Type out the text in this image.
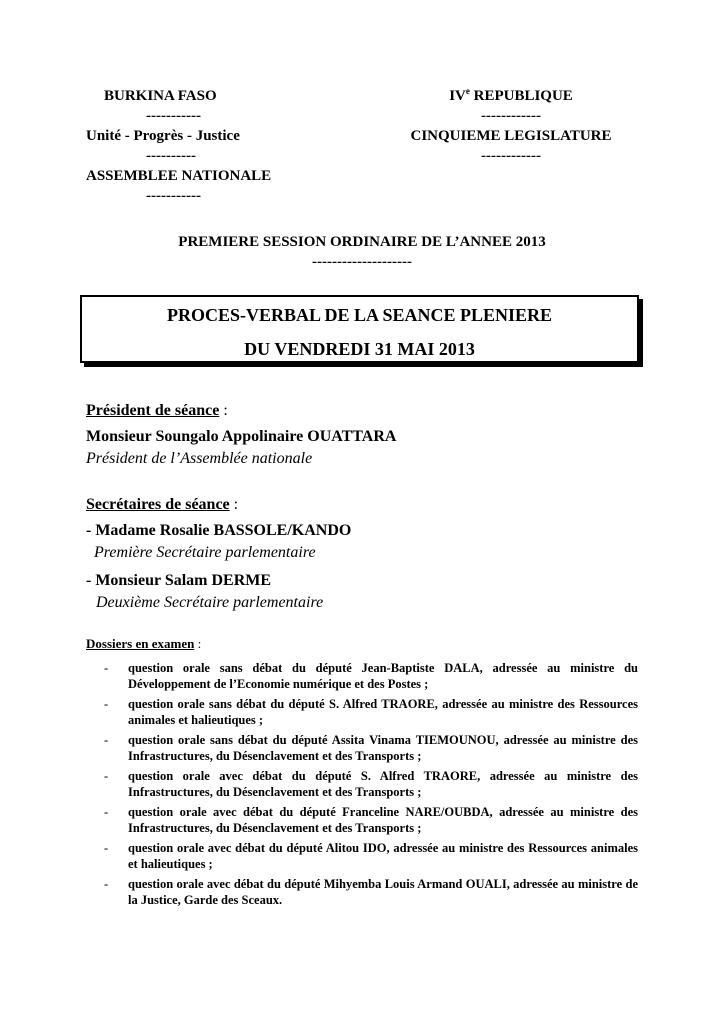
BURKINA FASO
-----------
Unité - Progrès - Justice
----------
ASSEMBLEE NATIONALE
-----------
IVe REPUBLIQUE
------------
CINQUIEME LEGISLATURE
------------
PREMIERE SESSION ORDINAIRE DE L’ANNEE 2013
--------------------
PROCES-VERBAL DE LA SEANCE PLENIERE
DU VENDREDI 31 MAI 2013
Président de séance :
Monsieur Soungalo Appolinaire OUATTARA
Président de l’Assemblée nationale
Secrétaires de séance :
- Madame Rosalie BASSOLE/KANDO
Première Secrétaire parlementaire
- Monsieur Salam DERME
Deuxième Secrétaire parlementaire
Dossiers en examen :
- question orale sans débat du député Jean-Baptiste DALA, adressée au ministre du Développement de l’Economie numérique et des Postes ;
- question orale sans débat du député S. Alfred TRAORE, adressée au ministre des Ressources animales et halieutiques ;
- question orale sans débat du député Assita Vinama TIEMOUNOU, adressée au ministre des Infrastructures, du Désenclavement et des Transports ;
- question orale avec débat du député S. Alfred TRAORE, adressée au ministre des Infrastructures, du Désenclavement et des Transports ;
- question orale avec débat du député Franceline NARE/OUBDA, adressée au ministre des Infrastructures, du Désenclavement et des Transports ;
- question orale avec débat du député Alitou IDO, adressée au ministre des Ressources animales et halieutiques ;
- question orale avec débat du député Mihyemba Louis Armand OUALI, adressée au ministre de la Justice, Garde des Sceaux.
